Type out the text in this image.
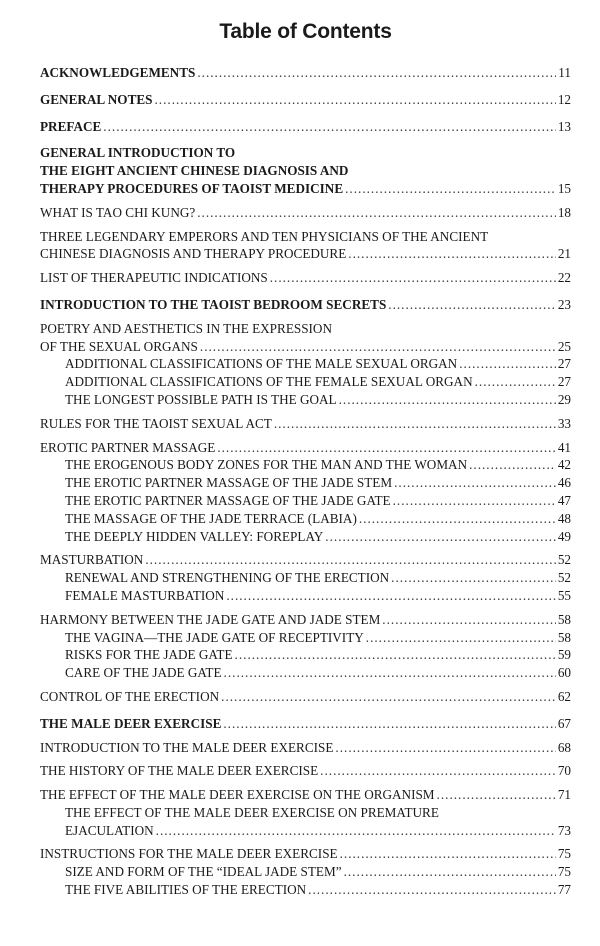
Table of Contents
ACKNOWLEDGEMENTS .....	11
GENERAL NOTES .....	12
PREFACE .....	13
GENERAL INTRODUCTION TO
THE EIGHT ANCIENT CHINESE DIAGNOSIS AND
THERAPY PROCEDURES OF TAOIST MEDICINE .....	15
WHAT IS TAO CHI KUNG? .....	18
THREE LEGENDARY EMPERORS AND TEN PHYSICIANS OF THE ANCIENT
CHINESE DIAGNOSIS AND THERAPY PROCEDURE .....	21
LIST OF THERAPEUTIC INDICATIONS .....	22
INTRODUCTION TO THE TAOIST BEDROOM SECRETS .....	23
POETRY AND AESTHETICS IN THE EXPRESSION
OF THE SEXUAL ORGANS .....	25
ADDITIONAL CLASSIFICATIONS OF THE MALE SEXUAL ORGAN .....	27
ADDITIONAL CLASSIFICATIONS OF THE FEMALE SEXUAL ORGAN .....	27
THE LONGEST POSSIBLE PATH IS THE GOAL .....	29
RULES FOR THE TAOIST SEXUAL ACT .....	33
EROTIC PARTNER MASSAGE .....	41
THE EROGENOUS BODY ZONES FOR THE MAN AND THE WOMAN .....	42
THE EROTIC PARTNER MASSAGE OF THE JADE STEM .....	46
THE EROTIC PARTNER MASSAGE OF THE JADE GATE .....	47
THE MASSAGE OF THE JADE TERRACE (LABIA) .....	48
THE DEEPLY HIDDEN VALLEY: FOREPLAY .....	49
MASTURBATION .....	52
RENEWAL AND STRENGTHENING OF THE ERECTION .....	52
FEMALE MASTURBATION .....	55
HARMONY BETWEEN THE JADE GATE AND JADE STEM .....	58
THE VAGINA—THE JADE GATE OF RECEPTIVITY .....	58
RISKS FOR THE JADE GATE .....	59
CARE OF THE JADE GATE .....	60
CONTROL OF THE ERECTION .....	62
THE MALE DEER EXERCISE .....	67
INTRODUCTION TO THE MALE DEER EXERCISE .....	68
THE HISTORY OF THE MALE DEER EXERCISE .....	70
THE EFFECT OF THE MALE DEER EXERCISE ON THE ORGANISM .....	71
THE EFFECT OF THE MALE DEER EXERCISE ON PREMATURE
EJACULATION .....	73
INSTRUCTIONS FOR THE MALE DEER EXERCISE .....	75
SIZE AND FORM OF THE “IDEAL JADE STEM” .....	75
THE FIVE ABILITIES OF THE ERECTION .....	77
